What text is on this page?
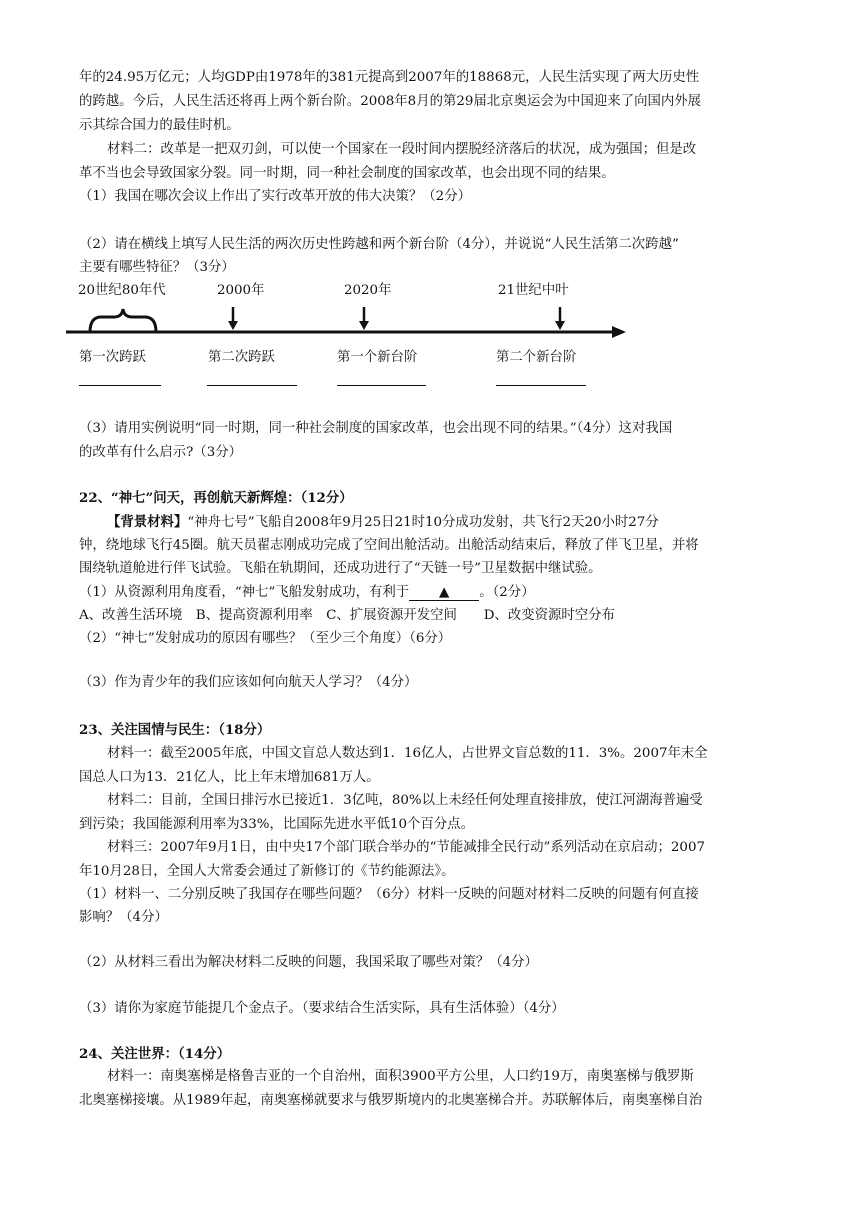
年的24.95万亿元；人均GDP由1978年的381元提高到2007年的18868元，人民生活实现了两大历史性
的跨越。今后，人民生活还将再上两个新台阶。2008年8月的第29届北京奥运会为中国迎来了向国内外展
示其综合国力的最佳时机。
材料二：改革是一把双刃剑，可以使一个国家在一段时间内摆脱经济落后的状况，成为强国；但是改
革不当也会导致国家分裂。同一时期，同一种社会制度的国家改革，也会出现不同的结果。
（1）我国在哪次会议上作出了实行改革开放的伟大决策？（2分）
（2）请在横线上填写人民生活的两次历史性跨越和两个新台阶（4分），并说说“人民生活第二次跨越”
主要有哪些特征？（3分）
20世纪80年代	2000年	2020年	21世纪中叶
第一次跨跃	第二次跨跃	第一个新台阶	第二个新台阶
（3）请用实例说明“同一时期，同一种社会制度的国家改革，也会出现不同的结果。”（4分）这对我国
的改革有什么启示?（3分）
22、“神七”问天，再创航天新辉煌：（12分）
【背景材料】“神舟七号”飞船自2008年9月25日21时10分成功发射，共飞行2天20小时27分
钟，绕地球飞行45圈。航天员翟志刚成功完成了空间出舱活动。出舱活动结束后，释放了伴飞卫星，并将
围绕轨道舱进行伴飞试验。飞船在轨期间，还成功进行了“天链一号”卫星数据中继试验。
（1）从资源利用角度看，“神七”飞船发射成功，有利于 ▲ 。（2分）
A、改善生活环境　B、提高资源利用率　C、扩展资源开发空间　　D、改变资源时空分布
（2）“神七”发射成功的原因有哪些？（至少三个角度）（6分）
（3）作为青少年的我们应该如何向航天人学习？（4分）
23、关注国情与民生：（18分）
材料一：截至2005年底，中国文盲总人数达到1．16亿人，占世界文盲总数的11．3%。2007年末全
国总人口为13．21亿人，比上年末增加681万人。
材料二：目前，全国日排污水已接近1．3亿吨，80%以上未经任何处理直接排放，使江河湖海普遍受
到污染；我国能源利用率为33%，比国际先进水平低10个百分点。
材料三：2007年9月1日，由中央17个部门联合举办的“节能减排全民行动”系列活动在京启动；2007
年10月28日，全国人大常委会通过了新修订的《节约能源法》。
（1）材料一、二分别反映了我国存在哪些问题？（6分）材料一反映的问题对材料二反映的问题有何直接
影响？（4分）
（2）从材料三看出为解决材料二反映的问题，我国采取了哪些对策？（4分）
（3）请你为家庭节能提几个金点子。（要求结合生活实际，具有生活体验）（4分）
24、关注世界：（14分）
材料一：南奥塞梯是格鲁吉亚的一个自治州，面积3900平方公里，人口约19万，南奥塞梯与俄罗斯
北奥塞梯接壤。从1989年起，南奥塞梯就要求与俄罗斯境内的北奥塞梯合并。苏联解体后，南奥塞梯自治
